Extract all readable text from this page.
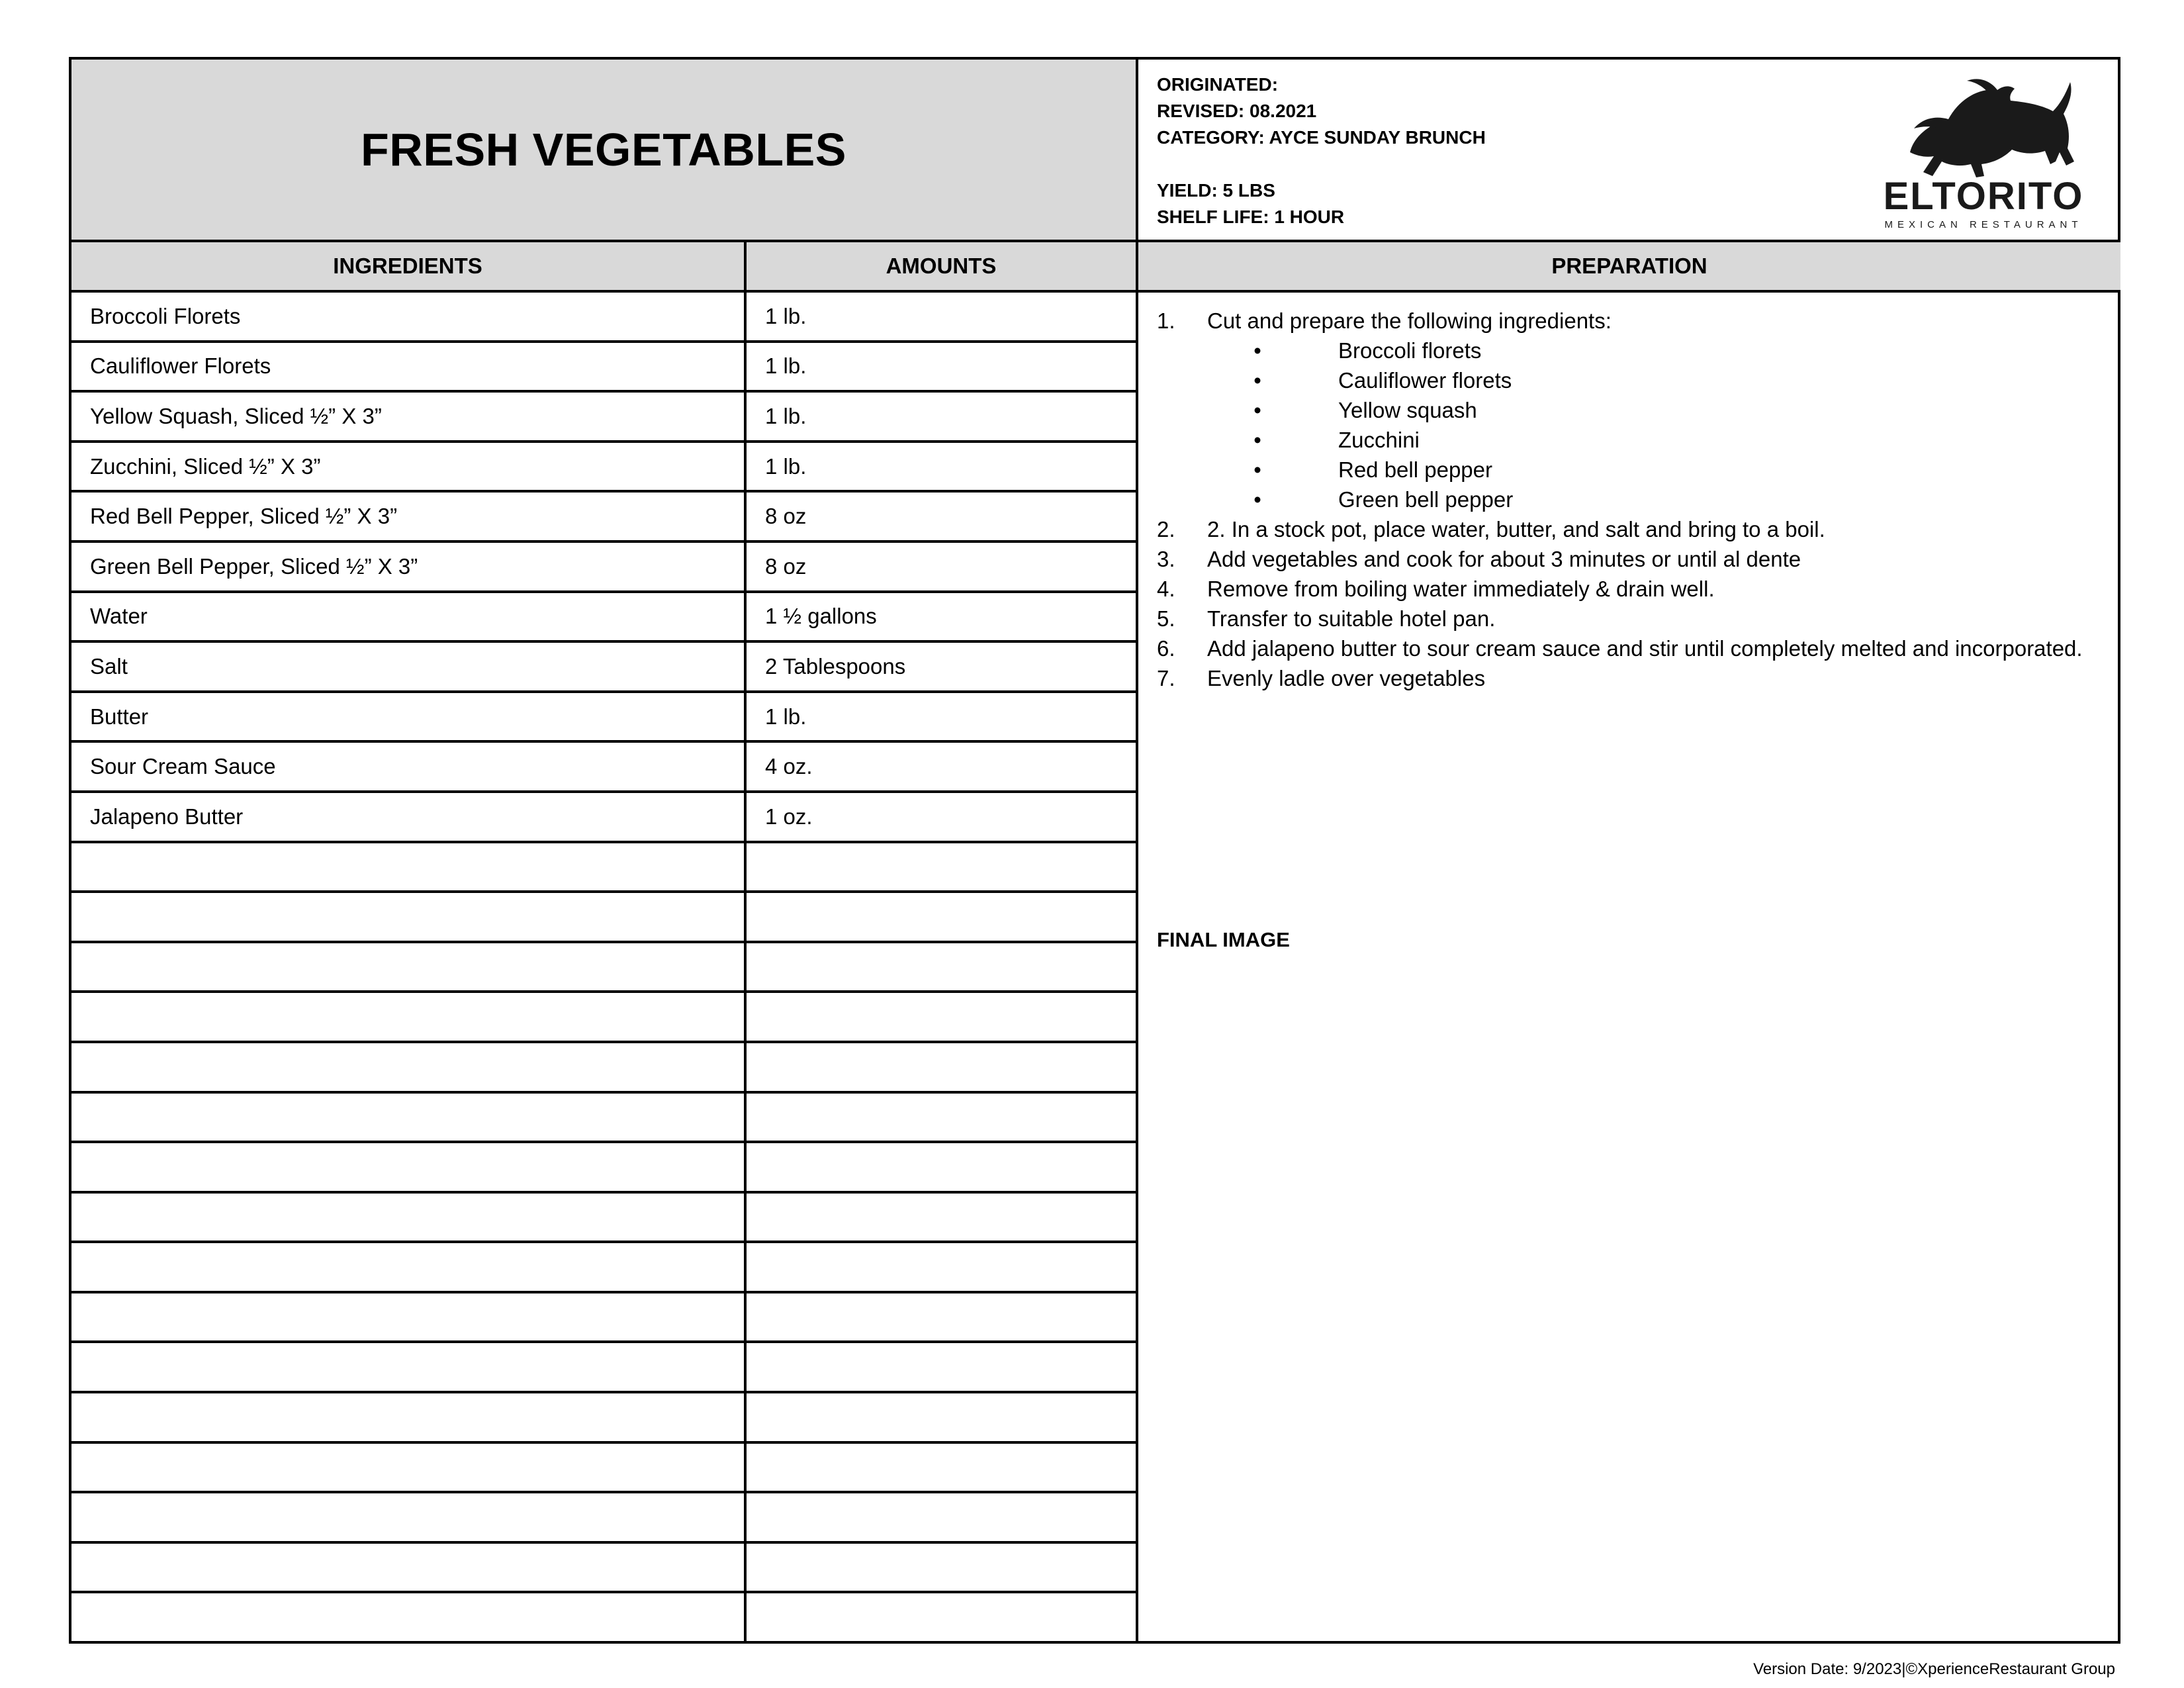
FRESH VEGETABLES
ORIGINATED:
REVISED: 08.2021
CATEGORY: AYCE SUNDAY BRUNCH
YIELD: 5 LBS
SHELF LIFE: 1 HOUR	ELTORITO
MEXICAN RESTAURANT
INGREDIENTS	AMOUNTS	PREPARATION
Broccoli Florets	1 lb.
Cauliflower Florets	1 lb.
Yellow Squash, Sliced ½” X 3”	1 lb.
Zucchini, Sliced ½” X 3”	1 lb.
Red Bell Pepper, Sliced ½” X 3”	8 oz
Green Bell Pepper, Sliced ½” X 3”	8 oz
Water	1 ½ gallons
Salt	2 Tablespoons
Butter	1 lb.
Sour Cream Sauce	4 oz.
Jalapeno Butter	1 oz.
1.	Cut and prepare the following ingredients:
•	Broccoli florets
•	Cauliflower florets
•	Yellow squash
•	Zucchini
•	Red bell pepper
•	Green bell pepper
2.	2. In a stock pot, place water, butter, and salt and bring to a boil.
3.	Add vegetables and cook for about 3 minutes or until al dente
4.	Remove from boiling water immediately & drain well.
5.	Transfer to suitable hotel pan.
6.	Add jalapeno butter to sour cream sauce and stir until completely melted and incorporated.
7.	Evenly ladle over vegetables
FINAL IMAGE
Version Date: 9/2023|©XperienceRestaurant Group
